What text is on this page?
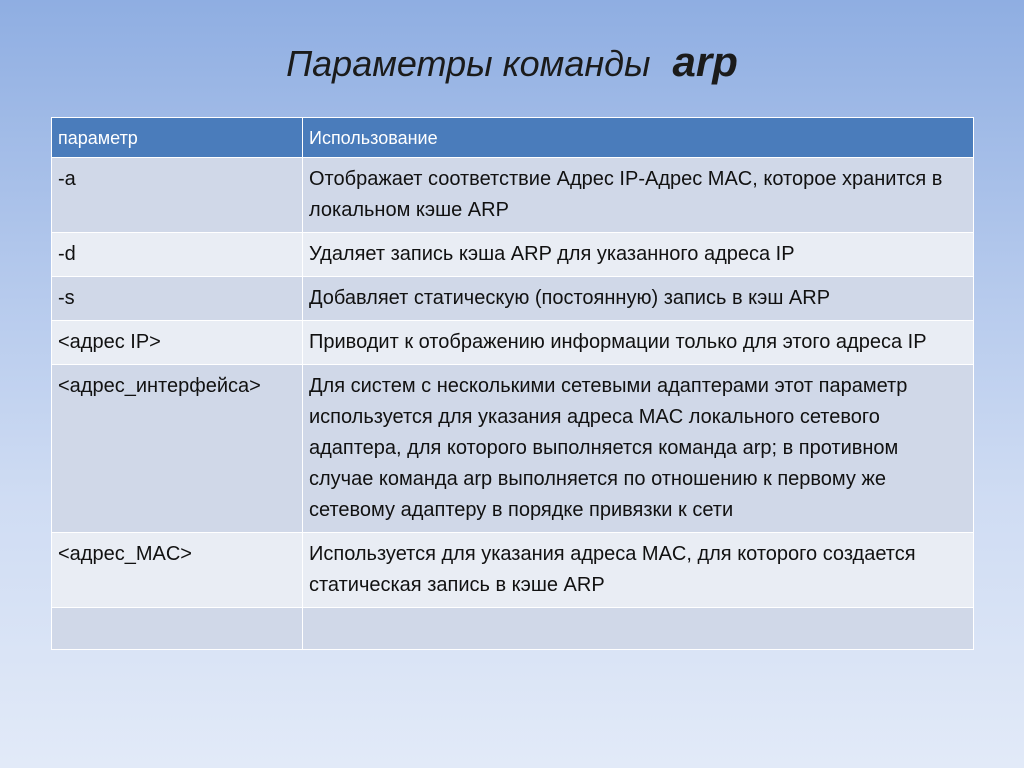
Параметры команды arp
параметр	Использование
-a	Отображает соответствие Адрес IP-Адрес MAC, которое хранится в локальном кэше ARP
-d	Удаляет запись кэша ARP для указанного адреса IP
-s	Добавляет статическую (постоянную) запись в кэш ARP
<адрес IP>	Приводит к отображению информации только для этого адреса IP
<адрес_интерфейса>	Для систем с несколькими сетевыми адаптерами этот параметр используется для указания адреса MAC локального сетевого адаптера, для которого выполняется команда arp; в противном случае команда arp выполняется по отношению к первому же сетевому адаптеру в порядке привязки к сети
<адрес_MAC>	Используется для указания адреса MAC, для которого создается статическая запись в кэше ARP
